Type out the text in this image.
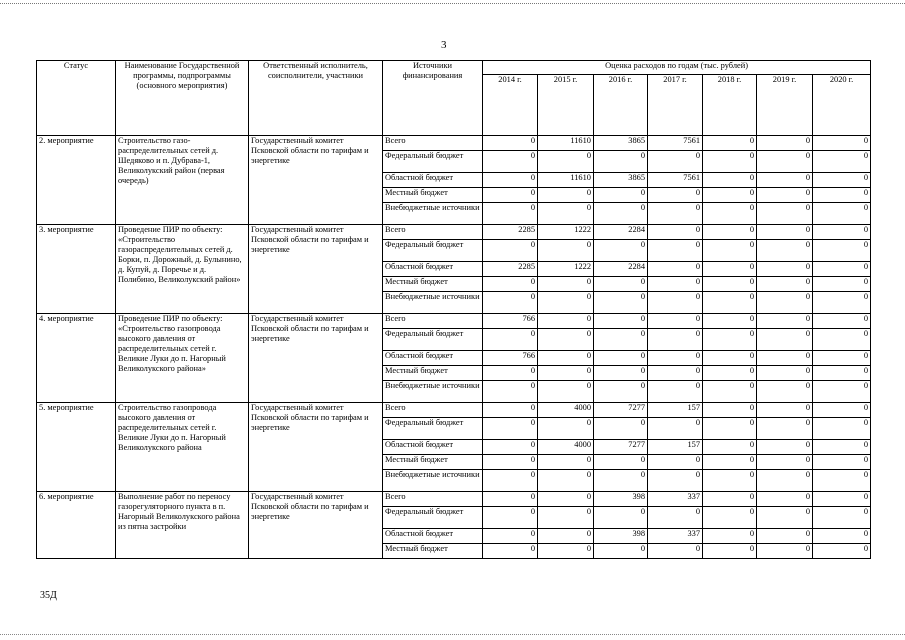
3
Статус	Наименование Государственной программы, подпрограммы (основного мероприятия)	Ответственный исполнитель, соисполнители, участники	Источники финансирования	Оценка расходов по годам (тыс. рублей)						
				2014 г.	2015 г.	2016 г.	2017 г.	2018 г.	2019 г.	2020 г.
2. мероприятие	Строительство газо-распределительных сетей д. Шедяково и п. Дубрава-1, Великолукский район (первая очередь)	Государственный комитет Псковской области по тарифам и энергетике	Всего	0	11610	3865	7561	0	0	0
			Федеральный бюджет	0	0	0	0	0	0	0
			Областной бюджет	0	11610	3865	7561	0	0	0
			Местный бюджет	0	0	0	0	0	0	0
			Внебюджетные источники	0	0	0	0	0	0	0
3. мероприятие	Проведение ПИР по объекту: «Строительство газораспределительных сетей д. Борки, п. Дорожный, д. Булынино, д. Купуй, д. Поречье и д. Полибино, Великолукский район»	Государственный комитет Псковской области по тарифам и энергетике	Всего	2285	1222	2284	0	0	0	0
			Федеральный бюджет	0	0	0	0	0	0	0
			Областной бюджет	2285	1222	2284	0	0	0	0
			Местный бюджет	0	0	0	0	0	0	0
			Внебюджетные источники	0	0	0	0	0	0	0
4. мероприятие	Проведение ПИР по объекту: «Строительство газопровода высокого давления от распределительных сетей г. Великие Луки до п. Нагорный Великолукского района»	Государственный комитет Псковской области по тарифам и энергетике	Всего	766	0	0	0	0	0	0
			Федеральный бюджет	0	0	0	0	0	0	0
			Областной бюджет	766	0	0	0	0	0	0
			Местный бюджет	0	0	0	0	0	0	0
			Внебюджетные источники	0	0	0	0	0	0	0
5. мероприятие	Строительство газопровода высокого давления от распределительных сетей г. Великие Луки до п. Нагорный Великолукского района	Государственный комитет Псковской области по тарифам и энергетике	Всего	0	4000	7277	157	0	0	0
			Федеральный бюджет	0	0	0	0	0	0	0
			Областной бюджет	0	4000	7277	157	0	0	0
			Местный бюджет	0	0	0	0	0	0	0
			Внебюджетные источники	0	0	0	0	0	0	0
6. мероприятие	Выполнение работ по переносу газорегуляторного пункта в п. Нагорный Великолукского района из пятна застройки	Государственный комитет Псковской области по тарифам и энергетике	Всего	0	0	398	337	0	0	0
			Федеральный бюджет	0	0	0	0	0	0	0
			Областной бюджет	0	0	398	337	0	0	0
			Местный бюджет	0	0	0	0	0	0	0
35Д
